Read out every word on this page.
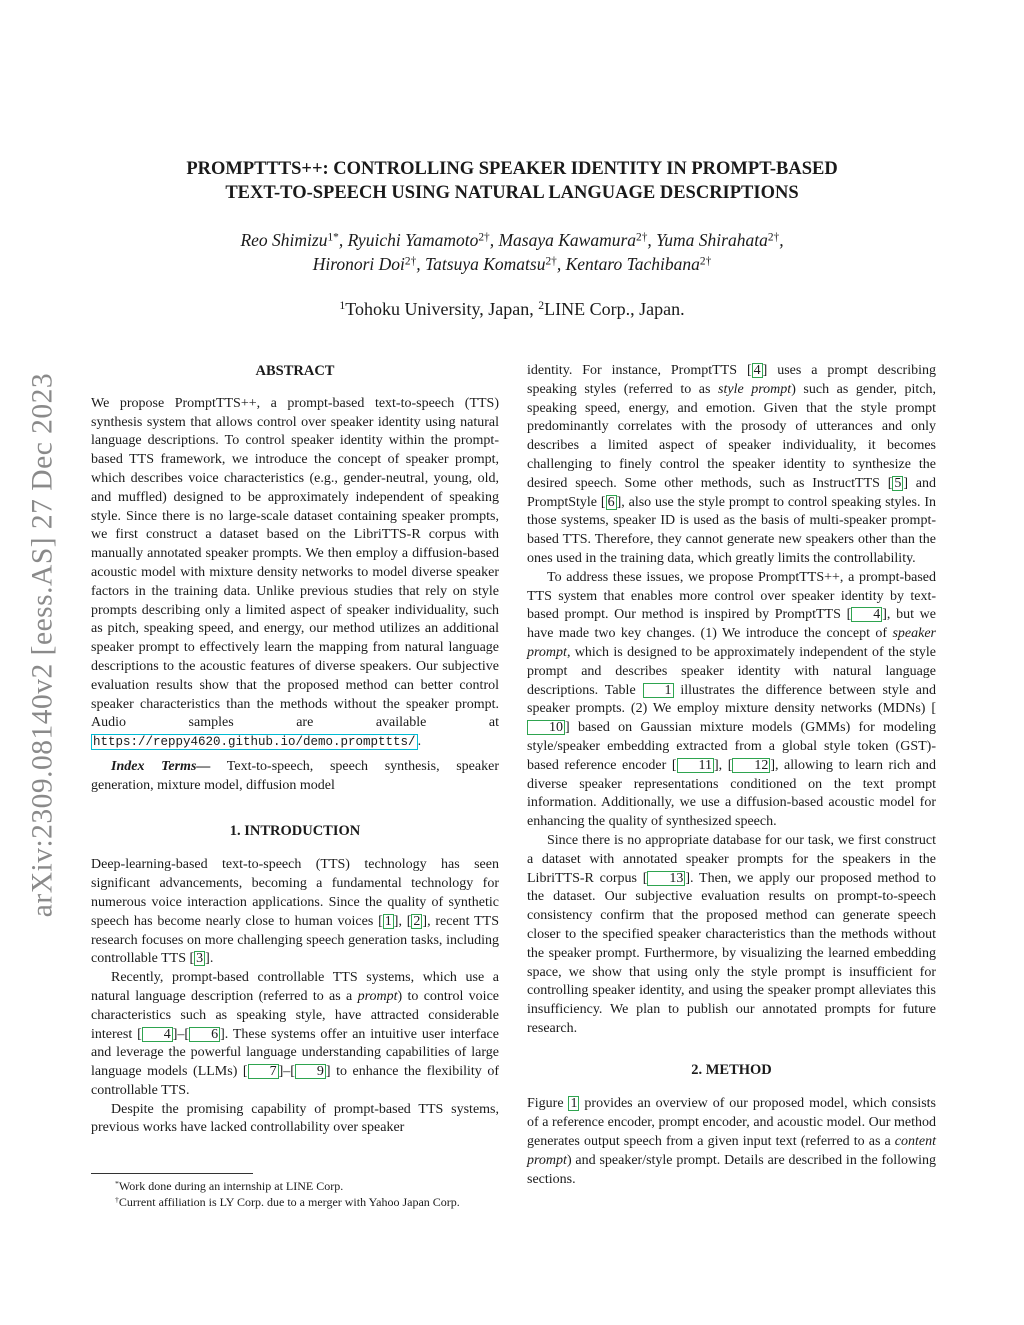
arXiv:2309.08140v2 [eess.AS] 27 Dec 2023
PROMPTTTS++: CONTROLLING SPEAKER IDENTITY IN PROMPT-BASED
TEXT-TO-SPEECH USING NATURAL LANGUAGE DESCRIPTIONS
Reo Shimizu$^{1*}$, Ryuichi Yamamoto$^{2\dagger}$, Masaya Kawamura$^{2\dagger}$, Yuma Shirahata$^{2\dagger}$,
Hironori Doi$^{2\dagger}$, Tatsuya Komatsu$^{2\dagger}$, Kentaro Tachibana$^{2\dagger}$
$^1$Tohoku University, Japan, $^2$LINE Corp., Japan.

ABSTRACT

We propose PromptTTS++, a prompt-based text-to-speech (TTS) synthesis system that allows control over speaker identity using natural language descriptions. To control speaker identity within the prompt-based TTS framework, we introduce the concept of speaker prompt, which describes voice characteristics (e.g., gender-neutral, young, old, and muffled) designed to be approximately independent of speaking style. Since there is no large-scale dataset containing speaker prompts, we first construct a dataset based on the LibriTTS-R corpus with manually annotated speaker prompts. We then employ a diffusion-based acoustic model with mixture density networks to model diverse speaker factors in the training data. Unlike previous studies that rely on style prompts describing only a limited aspect of speaker individuality, such as pitch, speaking speed, and energy, our method utilizes an additional speaker prompt to effectively learn the mapping from natural language descriptions to the acoustic features of diverse speakers. Our subjective evaluation results show that the proposed method can better control speaker characteristics than the methods without the speaker prompt. Audio samples are available at https://reppy4620.github.io/demo.prompttts/ .

Index Terms— Text-to-speech, speech synthesis, speaker generation, mixture model, diffusion model

1. INTRODUCTION

Deep-learning-based text-to-speech (TTS) technology has seen significant advancements, becoming a fundamental technology for numerous voice interaction applications. Since the quality of synthetic speech has become nearly close to human voices [ 1 ], [ 2 ], recent TTS research focuses on more challenging speech generation tasks, including controllable TTS [ 3 ].

Recently, prompt-based controllable TTS systems, which use a natural language description (referred to as a prompt) to control voice characteristics such as speaking style, have attracted considerable interest [ 4 ]–[ 6 ]. These systems offer an intuitive user interface and leverage the powerful language understanding capabilities of large language models (LLMs) [ 7 ]–[ 9 ] to enhance the flexibility of controllable TTS.

Despite the promising capability of prompt-based TTS systems, previous works have lacked controllability over speaker

identity. For instance, PromptTTS [ 4 ] uses a prompt describing speaking styles (referred to as style prompt) such as gender, pitch, speaking speed, energy, and emotion. Given that the style prompt predominantly correlates with the prosody of utterances and only describes a limited aspect of speaker individuality, it becomes challenging to finely control the speaker identity to synthesize the desired speech. Some other methods, such as InstructTTS [ 5 ] and PromptStyle [ 6 ], also use the style prompt to control speaking styles. In those systems, speaker ID is used as the basis of multi-speaker prompt-based TTS. Therefore, they cannot generate new speakers other than the ones used in the training data, which greatly limits the controllability.

To address these issues, we propose PromptTTS++, a prompt-based TTS system that enables more control over speaker identity by text-based prompt. Our method is inspired by PromptTTS [ 4 ], but we have made two key changes. (1) We introduce the concept of speaker prompt, which is designed to be approximately independent of the style prompt and describes speaker identity with natural language descriptions. Table 1 illustrates the difference between style and speaker prompts. (2) We employ mixture density networks (MDNs) [10 ] based on Gaussian mixture models (GMMs) for modeling style/speaker embedding extracted from a global style token (GST)-based reference encoder [ 11 ], [ 12 ], allowing to learn rich and diverse speaker representations conditioned on the text prompt information. Additionally, we use a diffusion-based acoustic model for enhancing the quality of synthesized speech.

Since there is no appropriate database for our task, we first construct a dataset with annotated speaker prompts for the speakers in the LibriTTS-R corpus [ 13 ]. Then, we apply our proposed method to the dataset. Our subjective evaluation results on prompt-to-speech consistency confirm that the proposed method can generate speech closer to the specified speaker characteristics than the methods without the speaker prompt. Furthermore, by visualizing the learned embedding space, we show that using only the style prompt is insufficient for controlling speaker identity, and using the speaker prompt alleviates this insufficiency. We plan to publish our annotated prompts for future research.

2. METHOD

Figure 1 provides an overview of our proposed model, which consists of a reference encoder, prompt encoder, and acoustic model. Our method generates output speech from a given input text (referred to as a content prompt) and speaker/style prompt. Details are described in the following sections.

*Work done during an internship at LINE Corp.

†Current affiliation is LY Corp. due to a merger with Yahoo Japan Corp.
